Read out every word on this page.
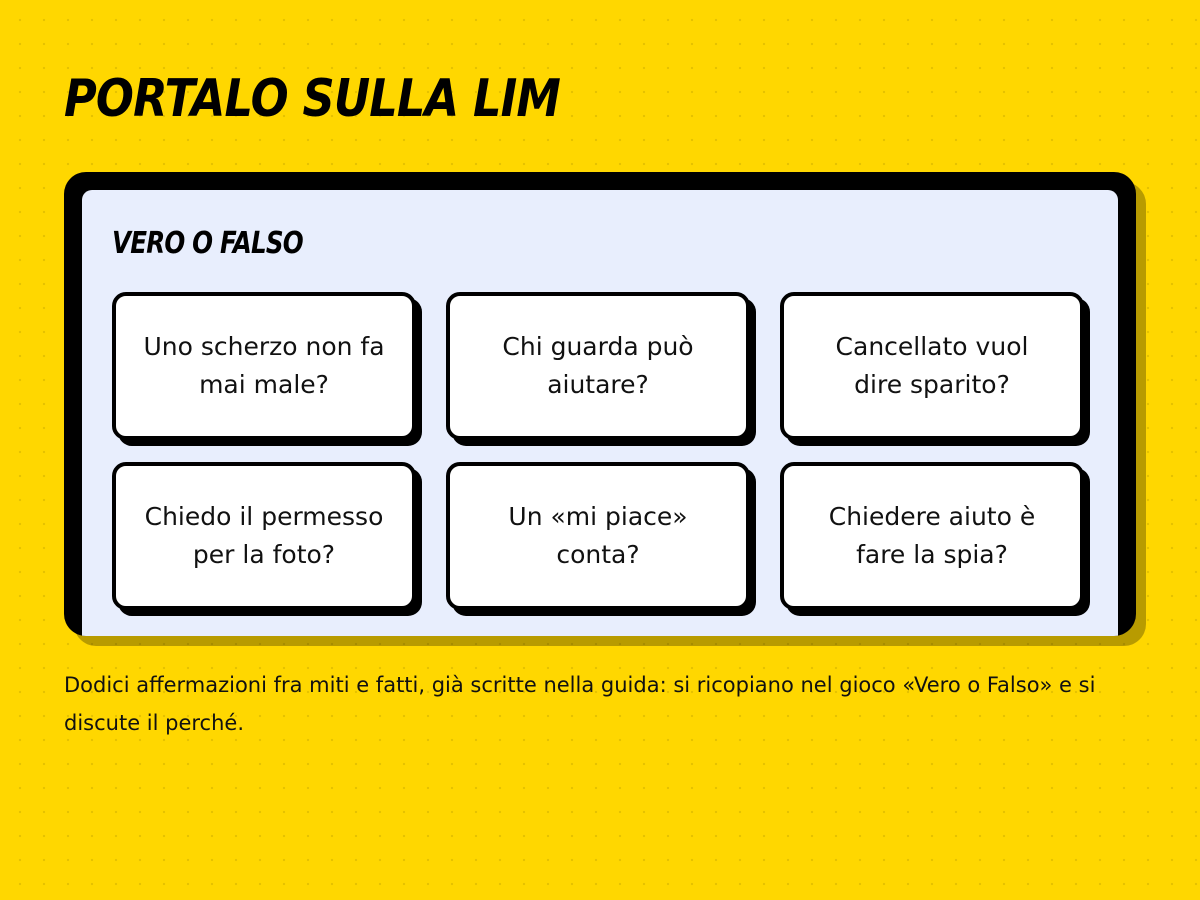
PORTALO SULLA LIM
VERO O FALSO
Uno scherzo non fa mai male?
Chi guarda può aiutare?
Cancellato vuol dire sparito?
Chiedo il permesso per la foto?
Un «mi piace» conta?
Chiedere aiuto è fare la spia?

Dodici affermazioni fra miti e fatti, già scritte nella guida: si ricopiano nel gioco «Vero o Falso» e si discute il perché.
